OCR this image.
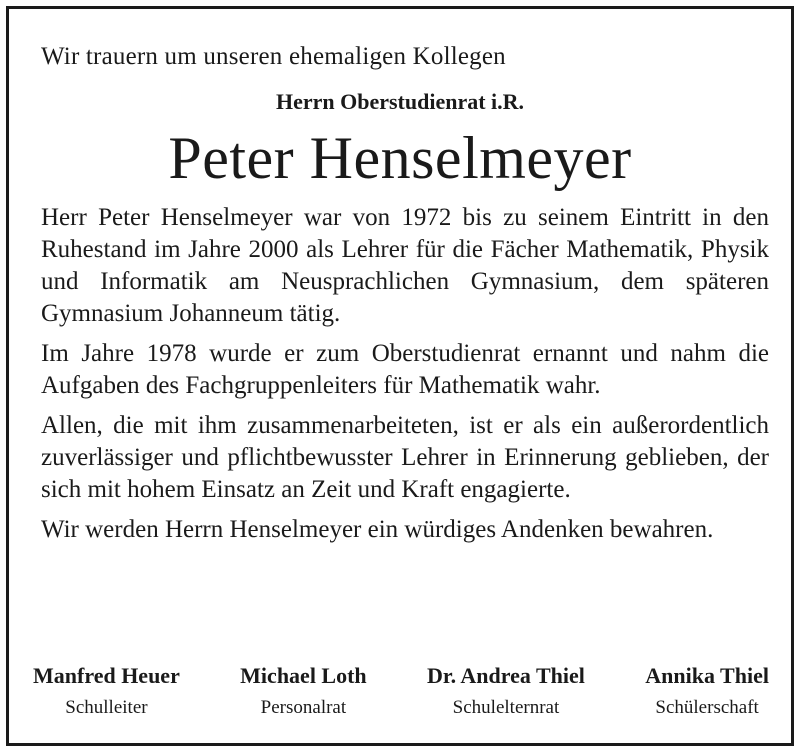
Wir trauern um unseren ehemaligen Kollegen
Herrn Oberstudienrat i.R.
Peter Henselmeyer

Herr Peter Henselmeyer war von 1972 bis zu seinem Eintritt in den Ruhestand im Jahre 2000 als Lehrer für die Fächer Mathematik, Physik und Informatik am Neusprachlichen Gymnasium, dem späteren Gymnasium Johanneum tätig.

Im Jahre 1978 wurde er zum Oberstudienrat ernannt und nahm die Aufgaben des Fachgruppenleiters für Mathematik wahr.

Allen, die mit ihm zusammenarbeiteten, ist er als ein außerordentlich zuverlässiger und pflichtbewusster Lehrer in Erinnerung geblieben, der sich mit hohem Einsatz an Zeit und Kraft engagierte.

Wir werden Herrn Henselmeyer ein würdiges Andenken bewahren.

Manfred Heuer
Schulleiter
Michael Loth
Personalrat
Dr. Andrea Thiel
Schulelternrat
Annika Thiel
Schülerschaft
